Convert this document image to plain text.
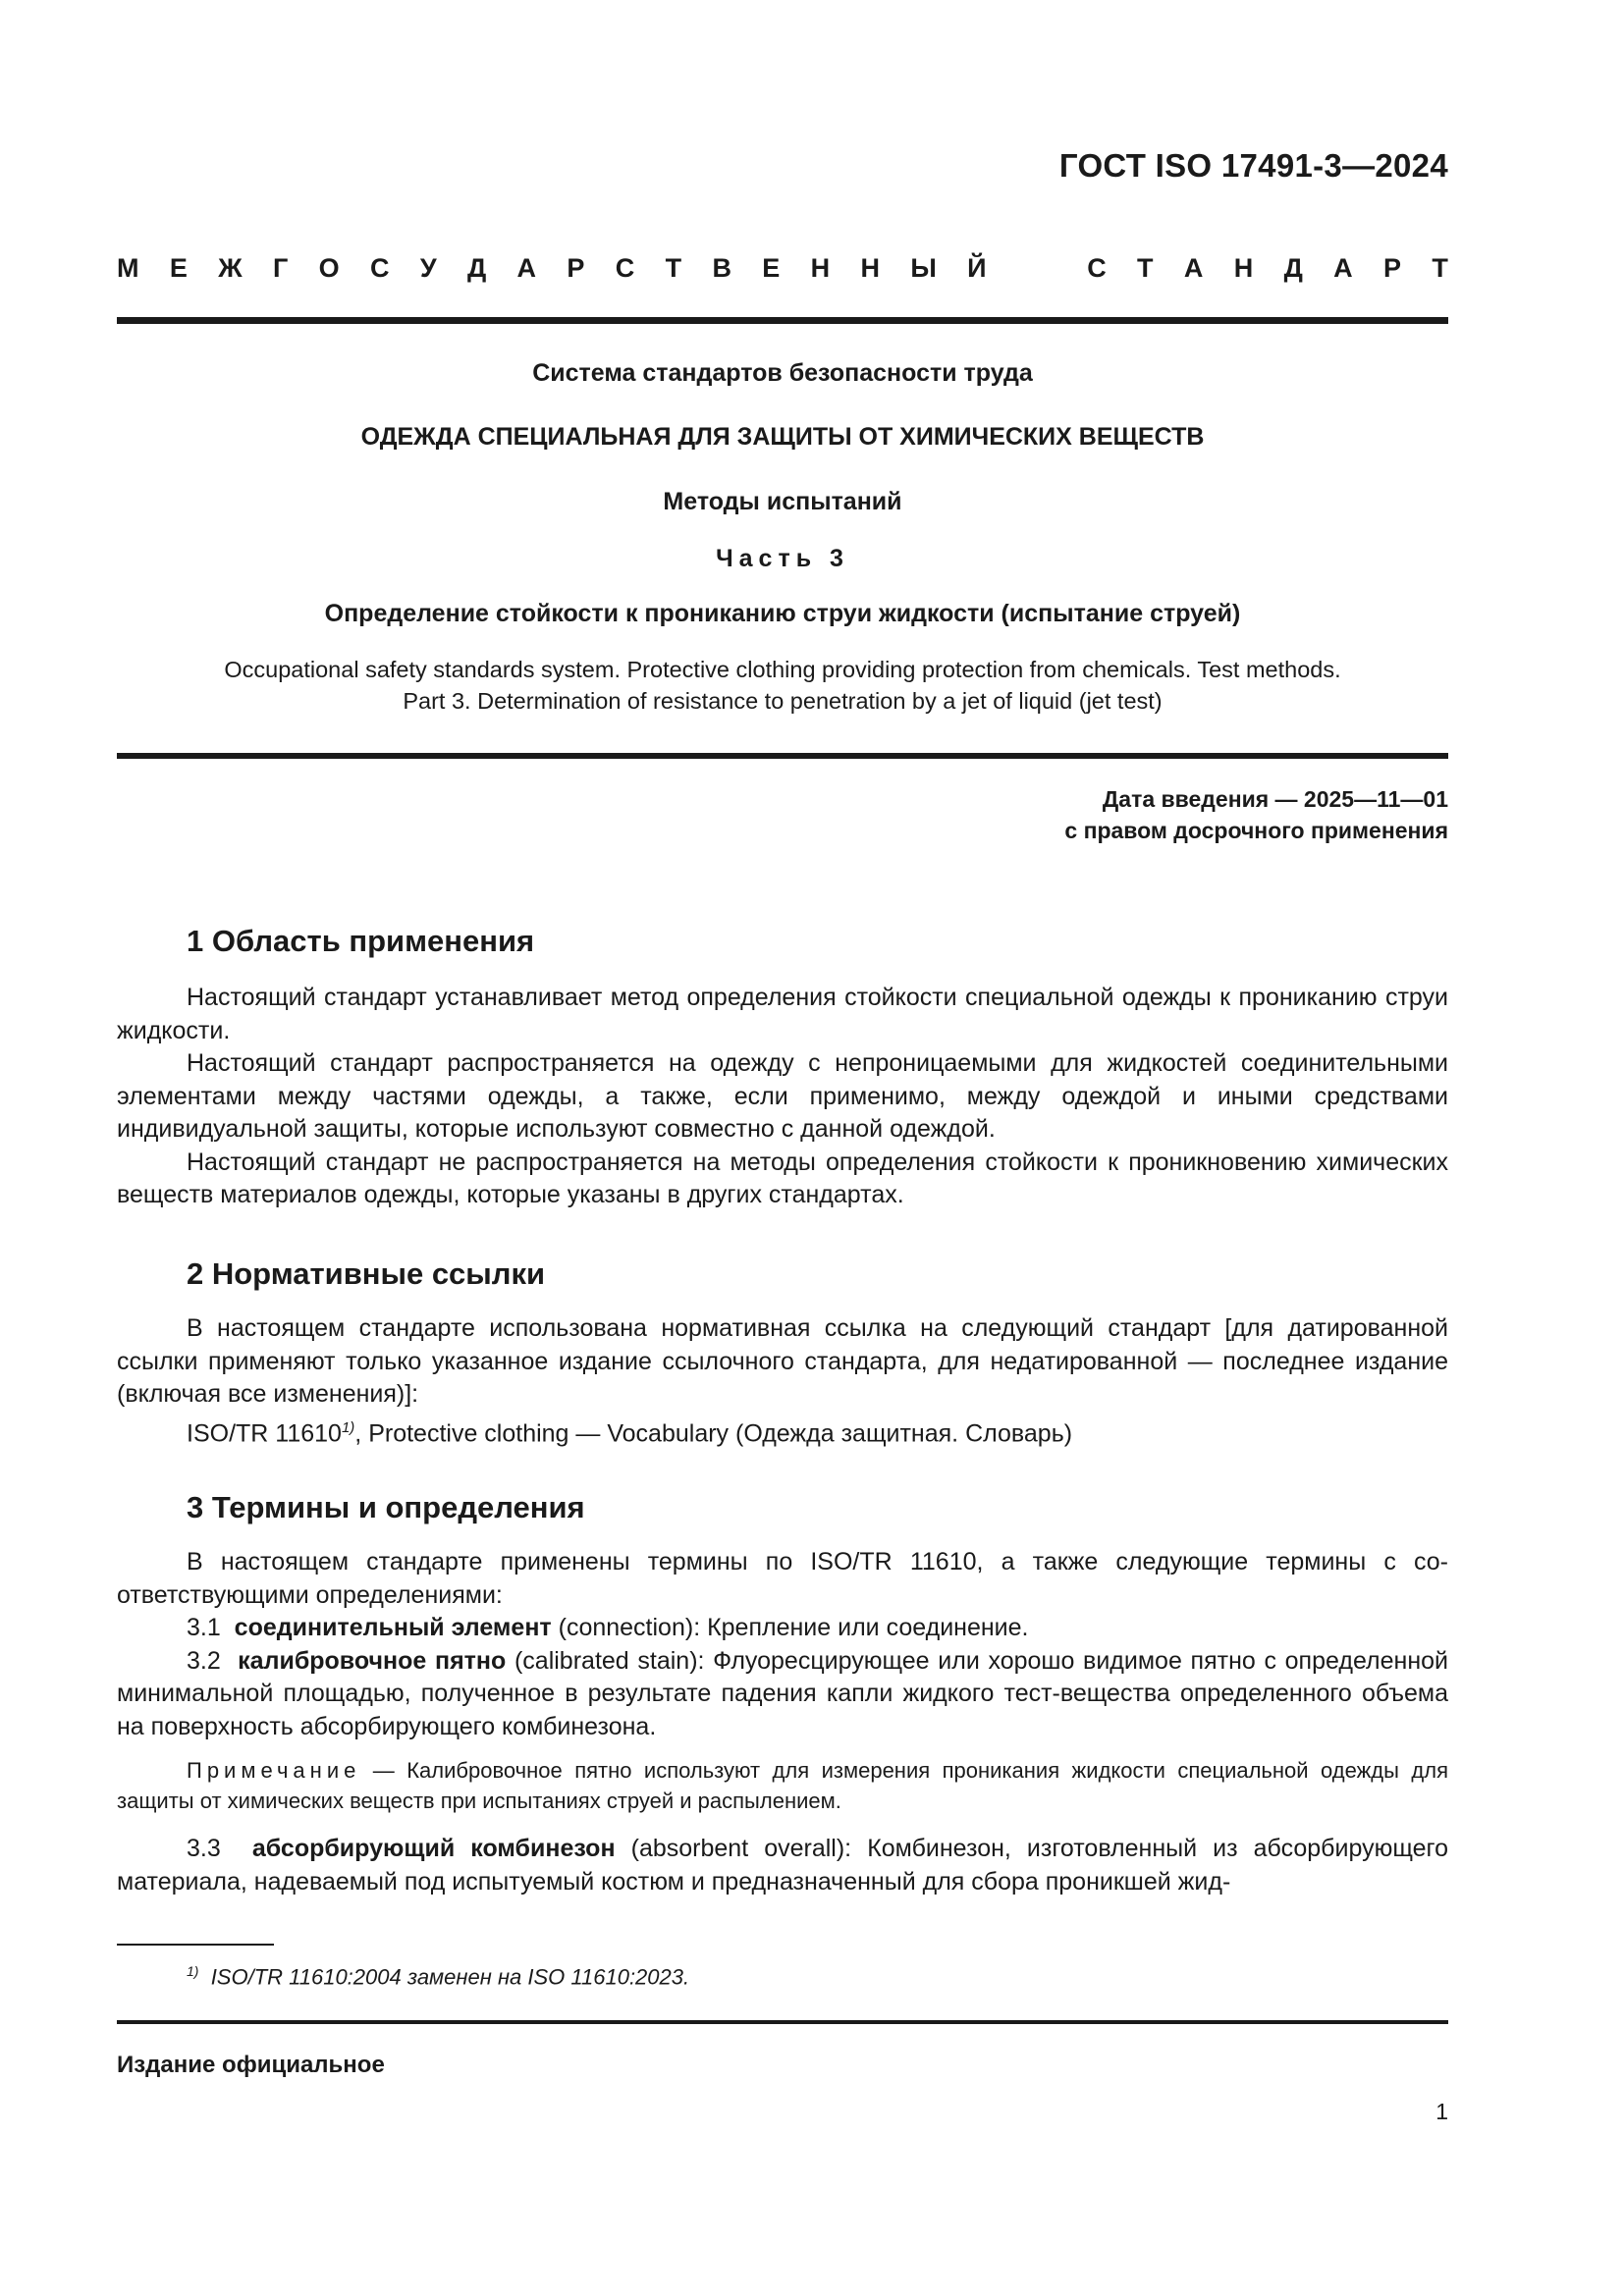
ГОСТ ISO 17491-3—2024
М Е Ж Г О С У Д А Р С Т В Е Н Н Ы Й	С Т А Н Д А Р Т
Система стандартов безопасности труда
ОДЕЖДА СПЕЦИАЛЬНАЯ ДЛЯ ЗАЩИТЫ ОТ ХИМИЧЕСКИХ ВЕЩЕСТВ
Методы испытаний
Часть 3
Определение стойкости к прониканию струи жидкости (испытание струей)
Occupational safety standards system. Protective clothing providing protection from chemicals. Test methods.
Part 3. Determination of resistance to penetration by a jet of liquid (jet test)
Дата введения — 2025—11—01
с правом досрочного применения
1 Область применения

Настоящий стандарт устанавливает метод определения стойкости специальной одежды к прониканию струи жидкости.

Настоящий стандарт распространяется на одежду с непроницаемыми для жидкостей соединительными элементами между частями одежды, а также, если применимо, между одеждой и иными средствами индивидуальной защиты, которые используют совместно с данной одеждой.

Настоящий стандарт не распространяется на методы определения стойкости к проникновению химических веществ материалов одежды, которые указаны в других стандартах.

2 Нормативные ссылки

В настоящем стандарте использована нормативная ссылка на следующий стандарт [для датированной ссылки применяют только указанное издание ссылочного стандарта, для недатированной — последнее издание (включая все изменения)]:

ISO/TR 11610$^{1)}$, Protective clothing — Vocabulary (Одежда защитная. Словарь)

3 Термины и определения

В настоящем стандарте применены термины по ISO/TR 11610, а также следующие термины с соответствующими определениями:

3.1 соединительный элемент (connection): Крепление или соединение.

3.2 калибровочное пятно (calibrated stain): Флуоресцирующее или хорошо видимое пятно с определенной минимальной площадью, полученное в результате падения капли жидкого тест-вещества определенного объема на поверхность абсорбирующего комбинезона.

Примечание — Калибровочное пятно используют для измерения проникания жидкости специальной одежды для защиты от химических веществ при испытаниях струей и распылением.

3.3 абсорбирующий комбинезон (absorbent overall): Комбинезон, изготовленный из абсорбирующего материала, надеваемый под испытуемый костюм и предназначенный для сбора проникшей жид-

$^{1)}$ ISO/TR 11610:2004 заменен на ISO 11610:2023.
Издание официальное
1
